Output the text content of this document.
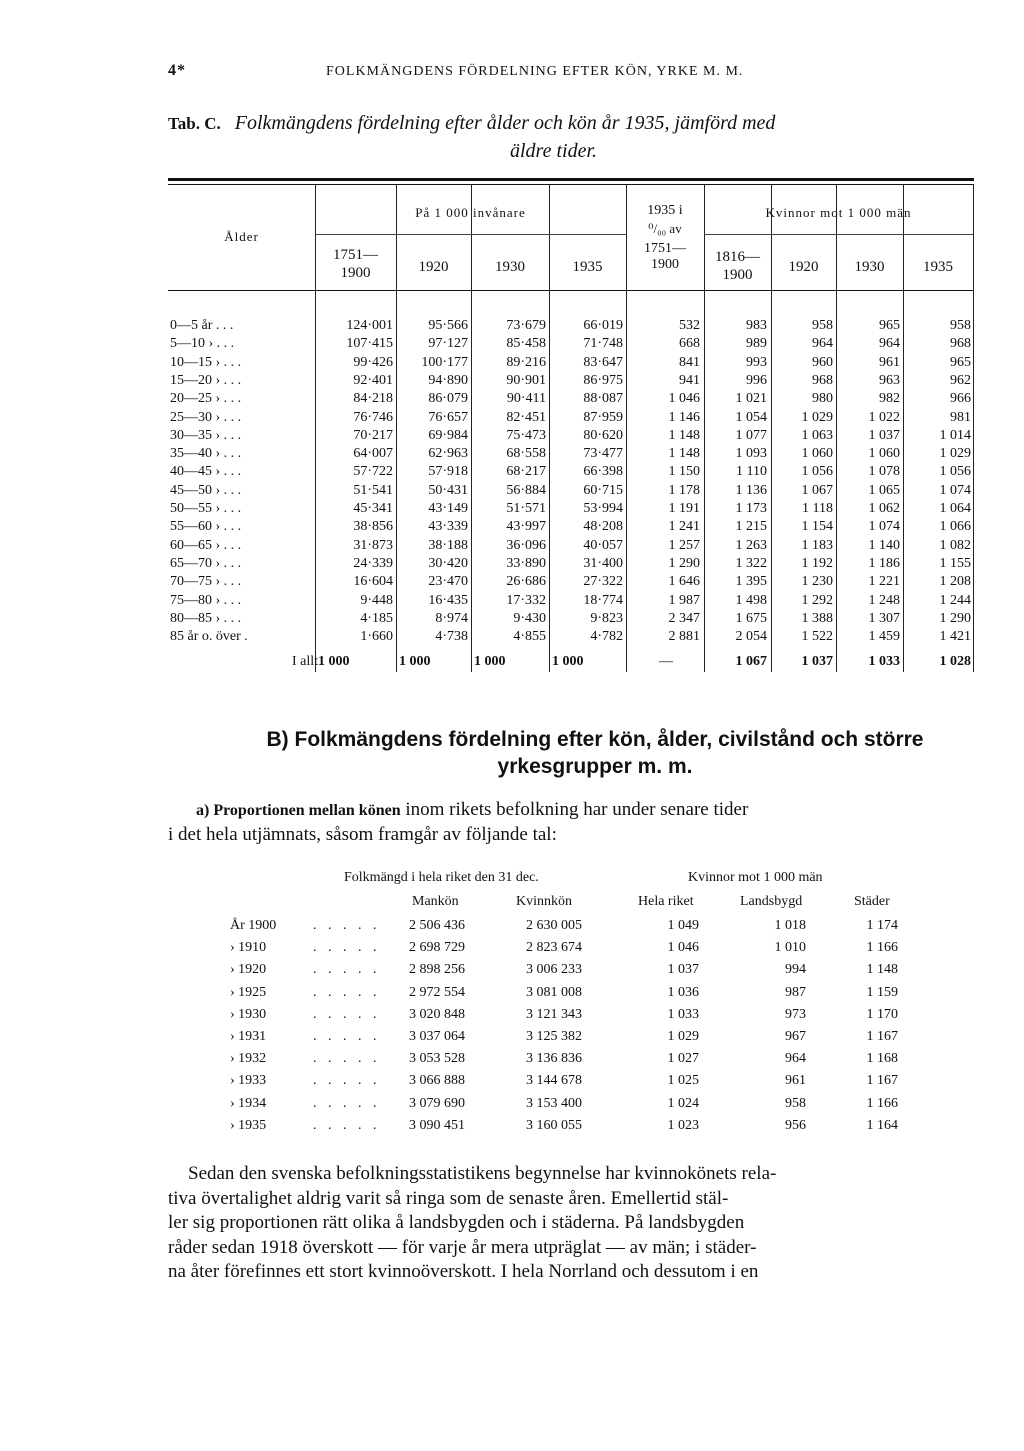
4*	FOLKMÄNGDENS FÖRDELNING EFTER KÖN, YRKE M. M.
Tab. C. Folkmängdens fördelning efter ålder och kön år 1935, jämförd med
äldre tider.
Ålder
På 1 000 invånare	1935 i
⁰/₀₀ av
1751—
1900
Kvinnor mot 1 000 män
1751—
1900	1920	1930	1935
1816—
1900	1920	1930	1935
0—5 år . . .	124·001	95·566	73·679	66·019	532	983	958	965	958
5—10 › . . .	107·415	97·127	85·458	71·748	668	989	964	964	968
10—15 › . . .	99·426	100·177	89·216	83·647	841	993	960	961	965
15—20 › . . .	92·401	94·890	90·901	86·975	941	996	968	963	962
20—25 › . . .	84·218	86·079	90·411	88·087	1 046	1 021	980	982	966
25—30 › . . .	76·746	76·657	82·451	87·959	1 146	1 054	1 029	1 022	981
30—35 › . . .	70·217	69·984	75·473	80·620	1 148	1 077	1 063	1 037	1 014
35—40 › . . .	64·007	62·963	68·558	73·477	1 148	1 093	1 060	1 060	1 029
40—45 › . . .	57·722	57·918	68·217	66·398	1 150	1 110	1 056	1 078	1 056
45—50 › . . .	51·541	50·431	56·884	60·715	1 178	1 136	1 067	1 065	1 074
50—55 › . . .	45·341	43·149	51·571	53·994	1 191	1 173	1 118	1 062	1 064
55—60 › . . .	38·856	43·339	43·997	48·208	1 241	1 215	1 154	1 074	1 066
60—65 › . . .	31·873	38·188	36·096	40·057	1 257	1 263	1 183	1 140	1 082
65—70 › . . .	24·339	30·420	33·890	31·400	1 290	1 322	1 192	1 186	1 155
70—75 › . . .	16·604	23·470	26·686	27·322	1 646	1 395	1 230	1 221	1 208
75—80 › . . .	9·448	16·435	17·332	18·774	1 987	1 498	1 292	1 248	1 244
80—85 › . . .	4·185	8·974	9·430	9·823	2 347	1 675	1 388	1 307	1 290
85 år o. över .	1·660	4·738	4·855	4·782	2 881	2 054	1 522	1 459	1 421
I allt 1 000	1 000	1 000	1 000	—	1 067	1 037	1 033	1 028
B) Folkmängdens fördelning efter kön, ålder, civilstånd och större
yrkesgrupper m. m.
a) Proportionen mellan könen inom rikets befolkning har under senare tider
i det hela utjämnats, såsom framgår av följande tal:
Folkmängd i hela riket den 31 dec.	Kvinnor mot 1 000 män
Mankön	Kvinnkön	Hela riket	Landsbygd	Städer
År 1900	. . . . .	2 506 436	2 630 005	1 049	1 018	1 174
› 1910	. . . . .	2 698 729	2 823 674	1 046	1 010	1 166
› 1920	. . . . .	2 898 256	3 006 233	1 037	994	1 148
› 1925	. . . . .	2 972 554	3 081 008	1 036	987	1 159
› 1930	. . . . .	3 020 848	3 121 343	1 033	973	1 170
› 1931	. . . . .	3 037 064	3 125 382	1 029	967	1 167
› 1932	. . . . .	3 053 528	3 136 836	1 027	964	1 168
› 1933	. . . . .	3 066 888	3 144 678	1 025	961	1 167
› 1934	. . . . .	3 079 690	3 153 400	1 024	958	1 166
› 1935	. . . . .	3 090 451	3 160 055	1 023	956	1 164
Sedan den svenska befolkningsstatistikens begynnelse har kvinnokönets rela-
tiva övertalighet aldrig varit så ringa som de senaste åren. Emellertid stäl-
ler sig proportionen rätt olika å landsbygden och i städerna. På landsbygden
råder sedan 1918 överskott — för varje år mera utpräglat — av män; i städer-
na åter förefinnes ett stort kvinnoöverskott. I hela Norrland och dessutom i en
